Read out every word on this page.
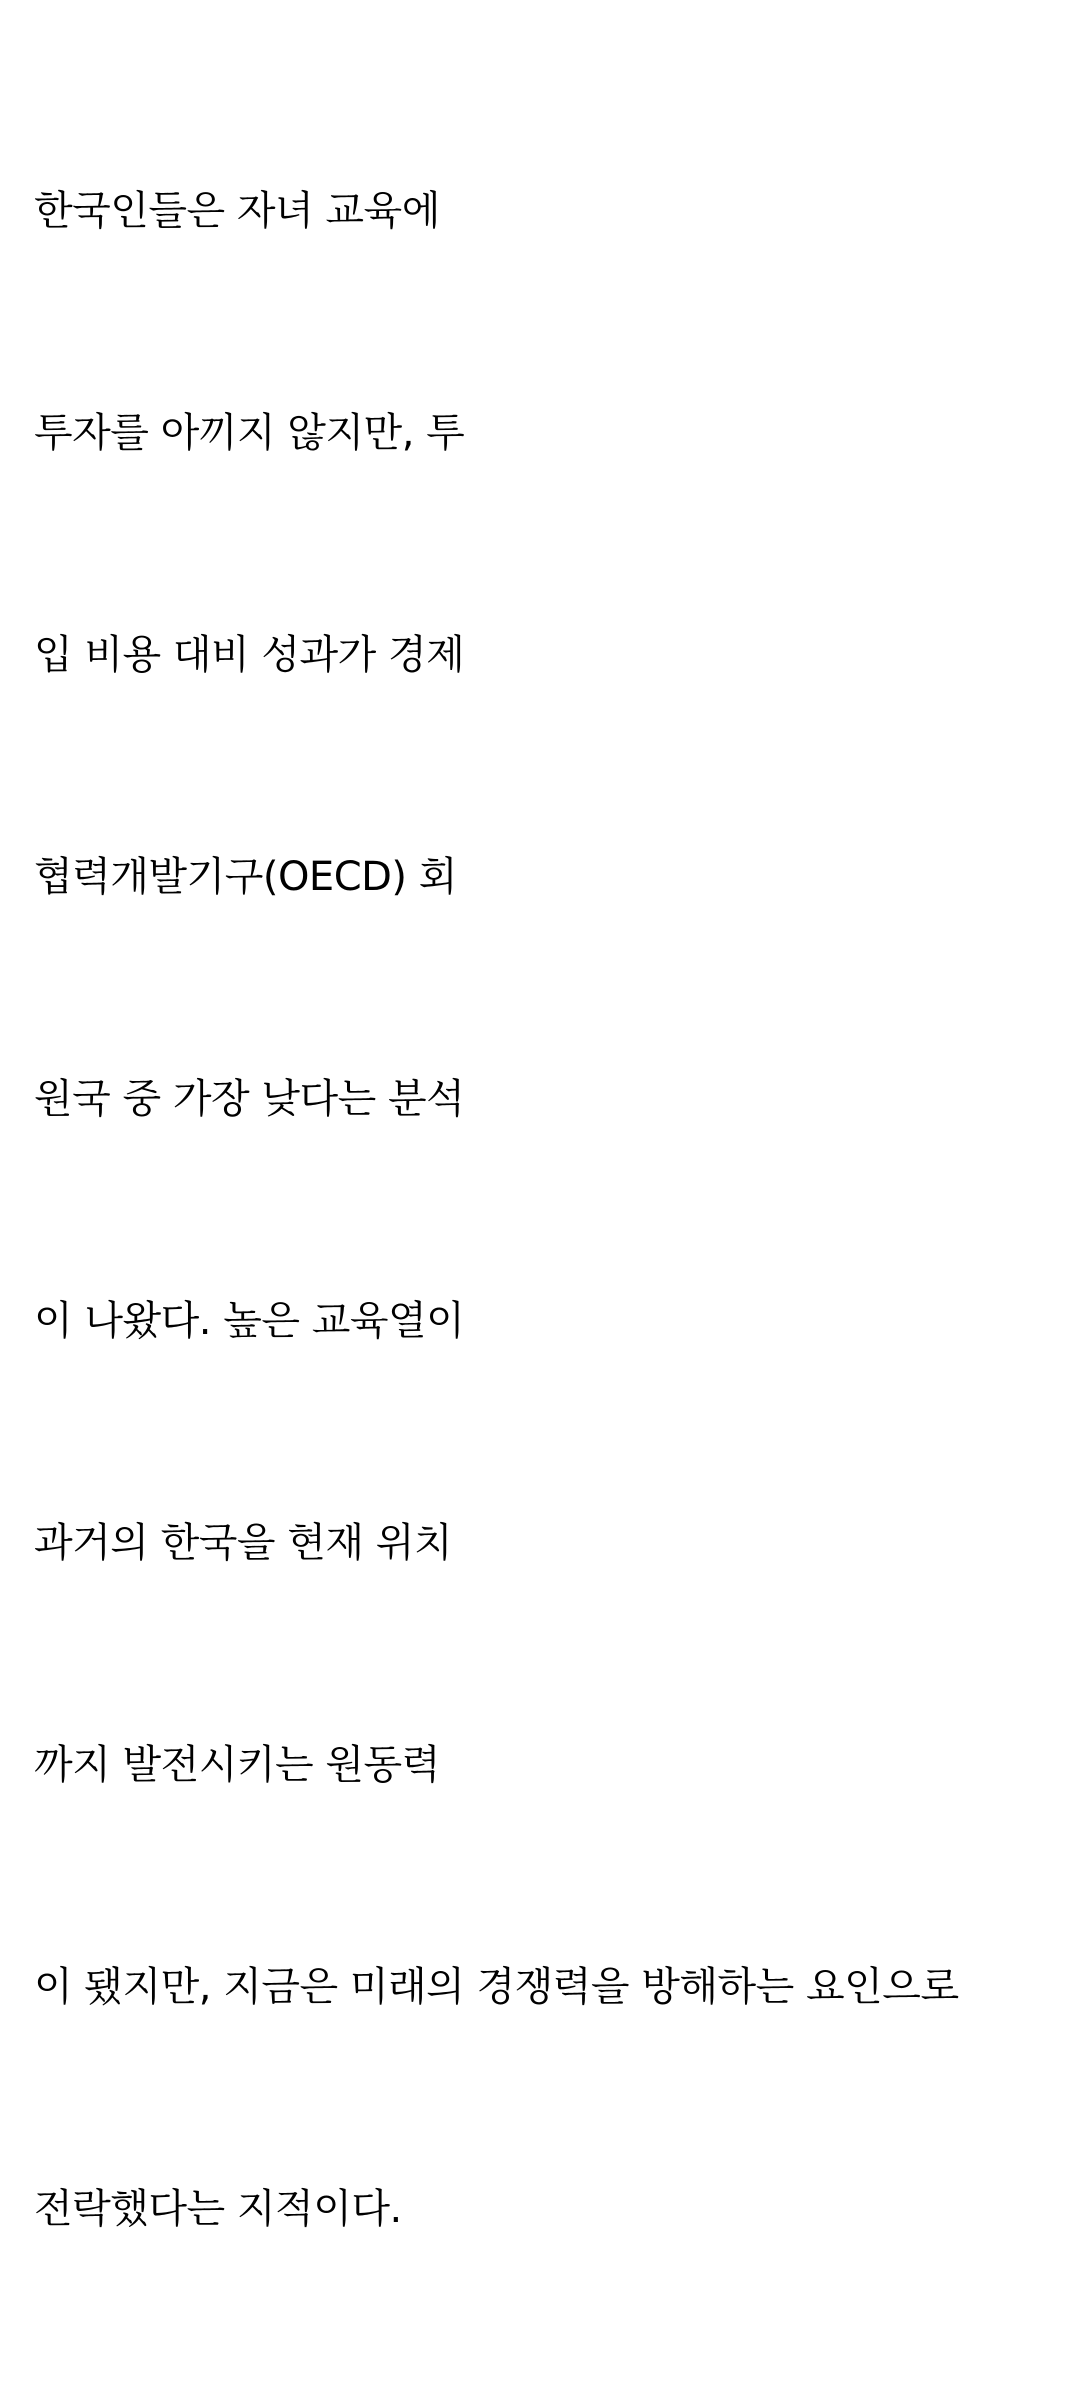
한국인들은 자녀 교육에

투자를 아끼지 않지만, 투

입 비용 대비 성과가 경제

협력개발기구(OECD) 회

원국 중 가장 낮다는 분석

이 나왔다. 높은 교육열이

과거의 한국을 현재 위치

까지 발전시키는 원동력

이 됐지만, 지금은 미래의 경쟁력을 방해하는 요인으로

전락했다는 지적이다.
